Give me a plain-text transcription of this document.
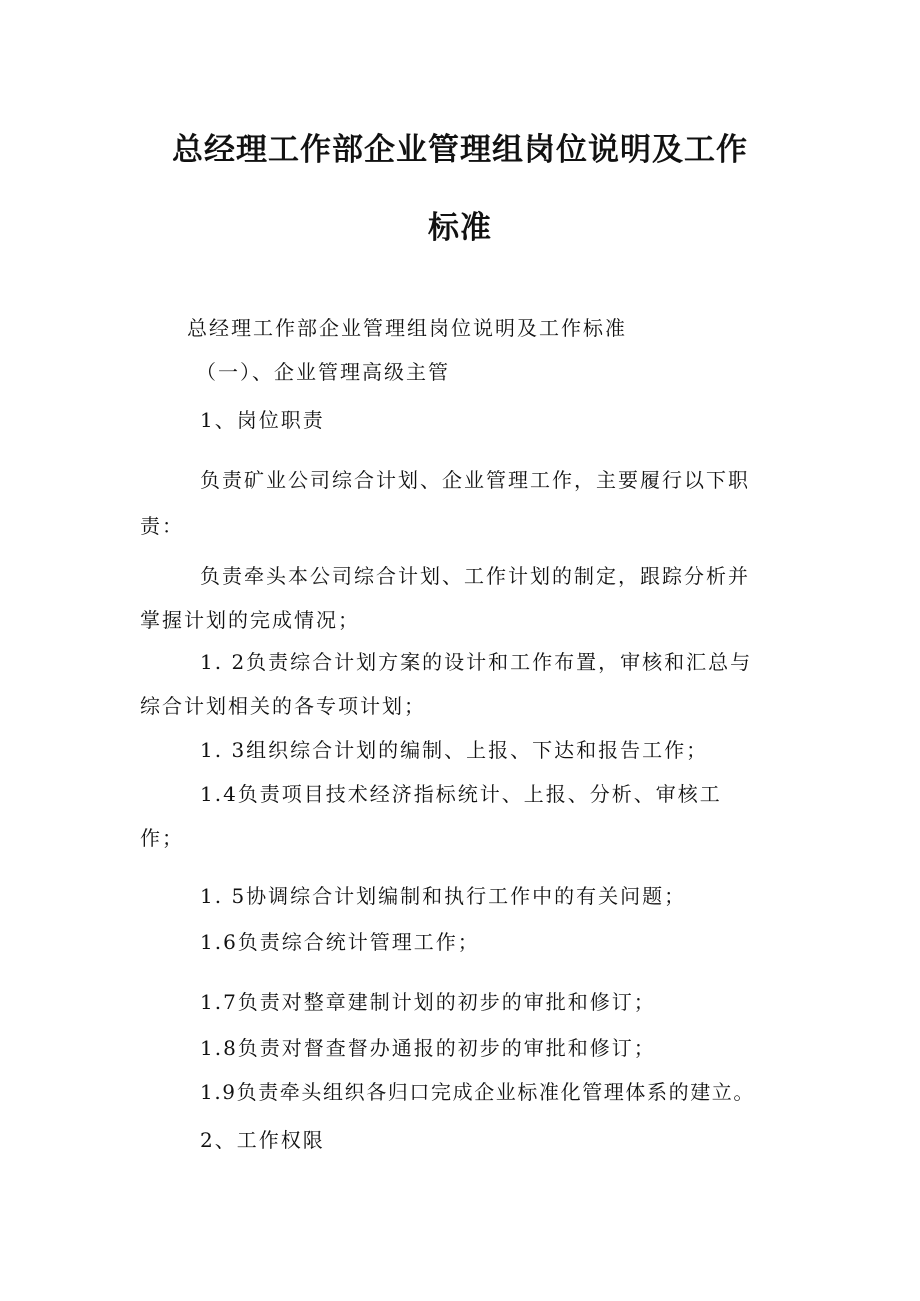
总经理工作部企业管理组岗位说明及工作
标准
总经理工作部企业管理组岗位说明及工作标准
（一）、企业管理高级主管
1、岗位职责
负责矿业公司综合计划、企业管理工作，主要履行以下职
责：
负责牵头本公司综合计划、工作计划的制定，跟踪分析并
掌握计划的完成情况；
1. 2负责综合计划方案的设计和工作布置，审核和汇总与
综合计划相关的各专项计划；
1. 3组织综合计划的编制、上报、下达和报告工作；
1.4负责项目技术经济指标统计、上报、分析、审核工
作；
1. 5协调综合计划编制和执行工作中的有关问题；
1.6负责综合统计管理工作；
1.7负责对整章建制计划的初步的审批和修订；
1.8负责对督查督办通报的初步的审批和修订；
1.9负责牵头组织各归口完成企业标准化管理体系的建立。
2、工作权限
